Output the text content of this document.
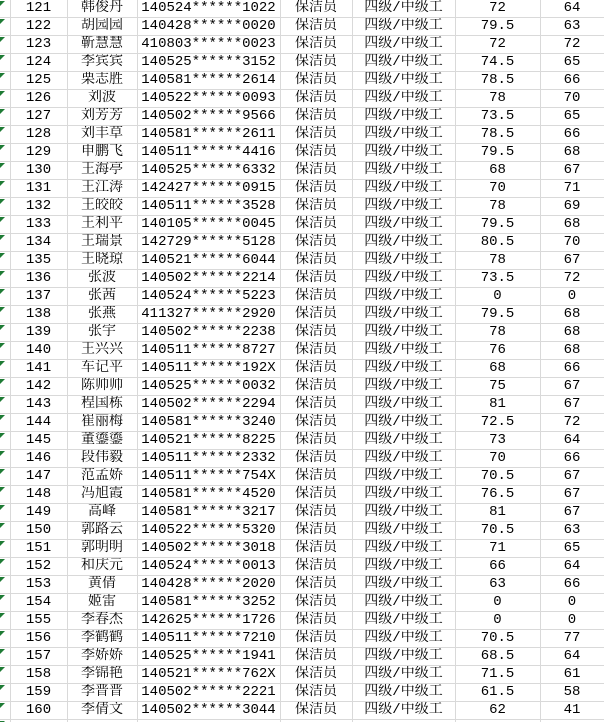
	121	韩俊丹	140524******1022	保洁员	四级/中级工	72	64

	122	胡园园	140428******0020	保洁员	四级/中级工	79.5	63

	123	靳慧慧	410803******0023	保洁员	四级/中级工	72	72

	124	李宾宾	140525******3152	保洁员	四级/中级工	74.5	65

	125	栗志胜	140581******2614	保洁员	四级/中级工	78.5	66

	126	刘波	140522******0093	保洁员	四级/中级工	78	70

	127	刘芳芳	140502******9566	保洁员	四级/中级工	73.5	65

	128	刘丰草	140581******2611	保洁员	四级/中级工	78.5	66

	129	申鹏飞	140511******4416	保洁员	四级/中级工	79.5	68

	130	王海亭	140525******6332	保洁员	四级/中级工	68	67

	131	王江涛	142427******0915	保洁员	四级/中级工	70	71

	132	王皎皎	140511******3528	保洁员	四级/中级工	78	69

	133	王利平	140105******0045	保洁员	四级/中级工	79.5	68

	134	王瑞景	142729******5128	保洁员	四级/中级工	80.5	70

	135	王晓琼	140521******6044	保洁员	四级/中级工	78	67

	136	张波	140502******2214	保洁员	四级/中级工	73.5	72

	137	张茜	140524******5223	保洁员	四级/中级工	0	0

	138	张燕	411327******2920	保洁员	四级/中级工	79.5	68

	139	张宇	140502******2238	保洁员	四级/中级工	78	68

	140	王兴兴	140511******8727	保洁员	四级/中级工	76	68

	141	车记平	140511******192X	保洁员	四级/中级工	68	66

	142	陈帅帅	140525******0032	保洁员	四级/中级工	75	67

	143	程国栋	140502******2294	保洁员	四级/中级工	81	67

	144	崔丽梅	140581******3240	保洁员	四级/中级工	72.5	72

	145	董鎏鎏	140521******8225	保洁员	四级/中级工	73	64

	146	段伟毅	140511******2332	保洁员	四级/中级工	70	66

	147	范孟娇	140511******754X	保洁员	四级/中级工	70.5	67

	148	冯旭霞	140581******4520	保洁员	四级/中级工	76.5	67

	149	高峰	140581******3217	保洁员	四级/中级工	81	67

	150	郭路云	140522******5320	保洁员	四级/中级工	70.5	63

	151	郭明明	140502******3018	保洁员	四级/中级工	71	65

	152	和庆元	140524******0013	保洁员	四级/中级工	66	64

	153	黄倩	140428******2020	保洁员	四级/中级工	63	66

	154	姬雷	140581******3252	保洁员	四级/中级工	0	0

	155	李春杰	142625******1726	保洁员	四级/中级工	0	0

	156	李鹤鹤	140511******7210	保洁员	四级/中级工	70.5	77

	157	李娇娇	140525******1941	保洁员	四级/中级工	68.5	64

	158	李锦艳	140521******762X	保洁员	四级/中级工	71.5	61

	159	李晋晋	140502******2221	保洁员	四级/中级工	61.5	58

	160	李倩文	140502******3044	保洁员	四级/中级工	62	41
